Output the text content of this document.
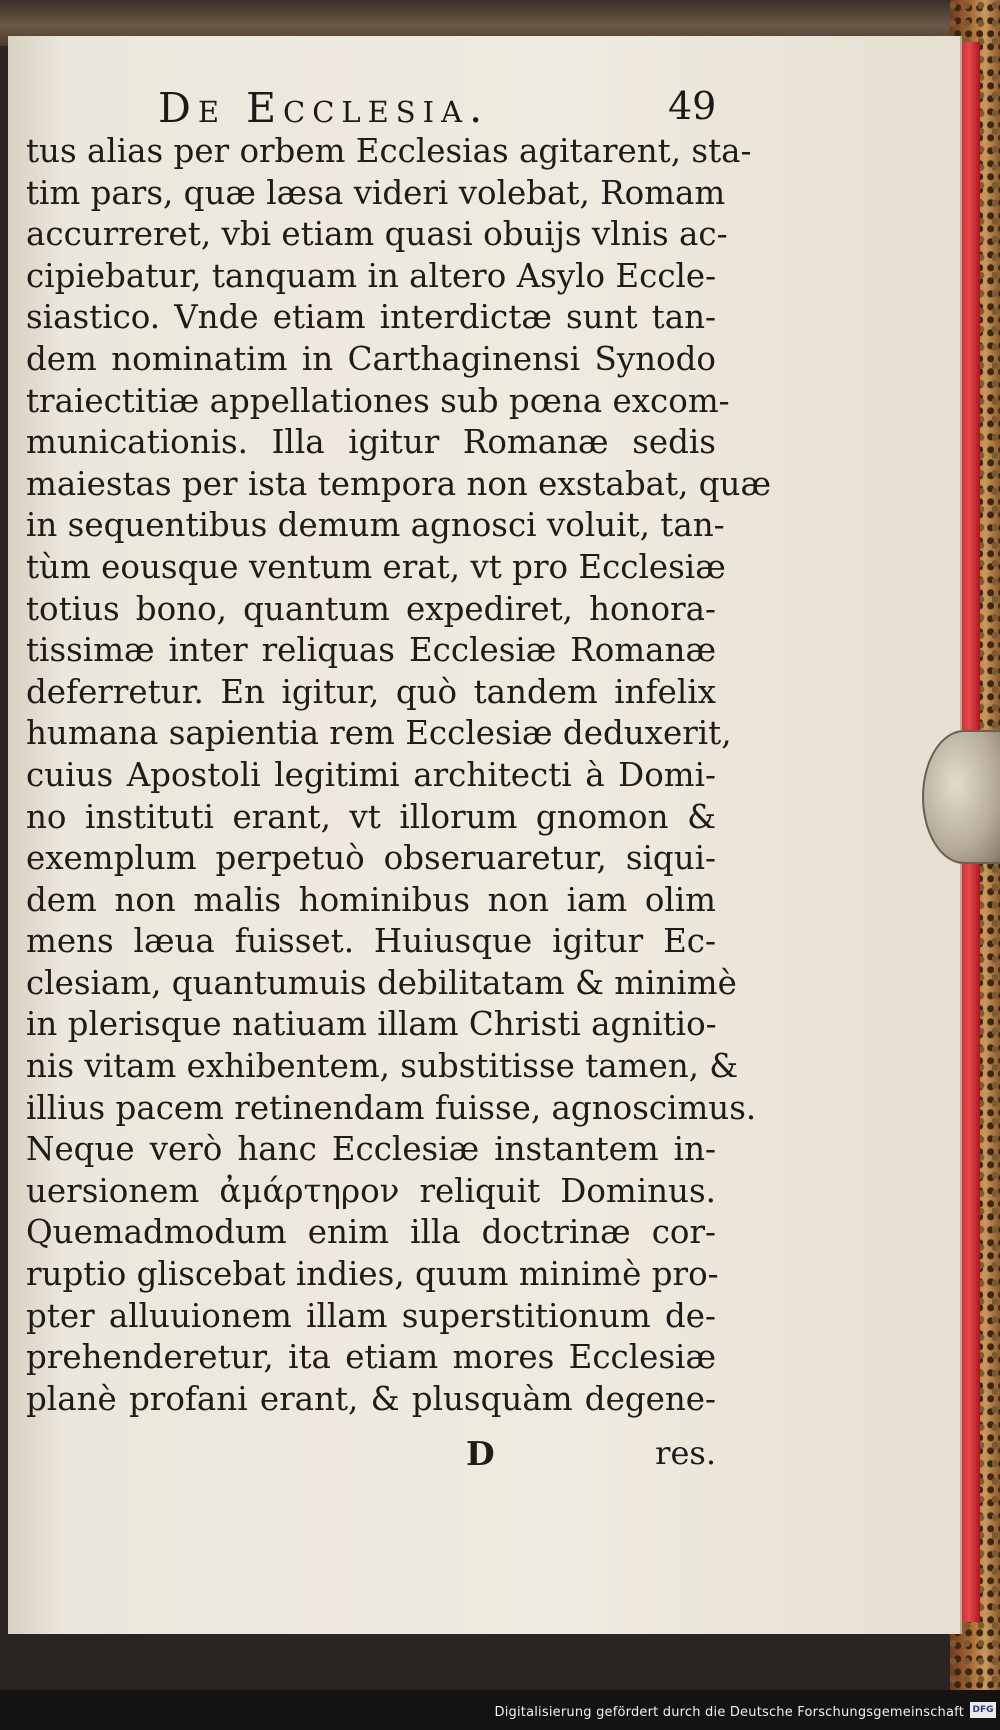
De Ecclesia.	49
tus alias per orbem Ecclesias agitarent, sta-
tim pars, quæ læsa videri volebat, Romam
accurreret, vbi etiam quasi obuijs vlnis ac-
cipiebatur, tanquam in altero Asylo Eccle-
siastico. Vnde etiam interdictæ sunt tan-
dem nominatim in Carthaginensi Synodo
traiectitiæ appellationes sub pœna excom-
municationis. Illa igitur Romanæ sedis
maiestas per ista tempora non exstabat, quæ
in sequentibus demum agnosci voluit, tan-
tùm eousque ventum erat, vt pro Ecclesiæ
totius bono, quantum expediret, honora-
tissimæ inter reliquas Ecclesiæ Romanæ
deferretur. En igitur, quò tandem infelix
humana sapientia rem Ecclesiæ deduxerit,
cuius Apostoli legitimi architecti à Domi-
no instituti erant, vt illorum gnomon &
exemplum perpetuò obseruaretur, siqui-
dem non malis hominibus non iam olim
mens læua fuisset. Huiusque igitur Ec-
clesiam, quantumuis debilitatam & minimè
in plerisque natiuam illam Christi agnitio-
nis vitam exhibentem, substitisse tamen, &
illius pacem retinendam fuisse, agnoscimus.
Neque verò hanc Ecclesiæ instantem in-
uersionem ἀμάρτηρον reliquit Dominus.
Quemadmodum enim illa doctrinæ cor-
ruptio gliscebat indies, quum minimè pro-
pter alluuionem illam superstitionum de-
prehenderetur, ita etiam mores Ecclesiæ
planè profani erant, & plusquàm degene-
D	res.
Digitalisierung gefördert durch die Deutsche Forschungsgemeinschaft DFG
